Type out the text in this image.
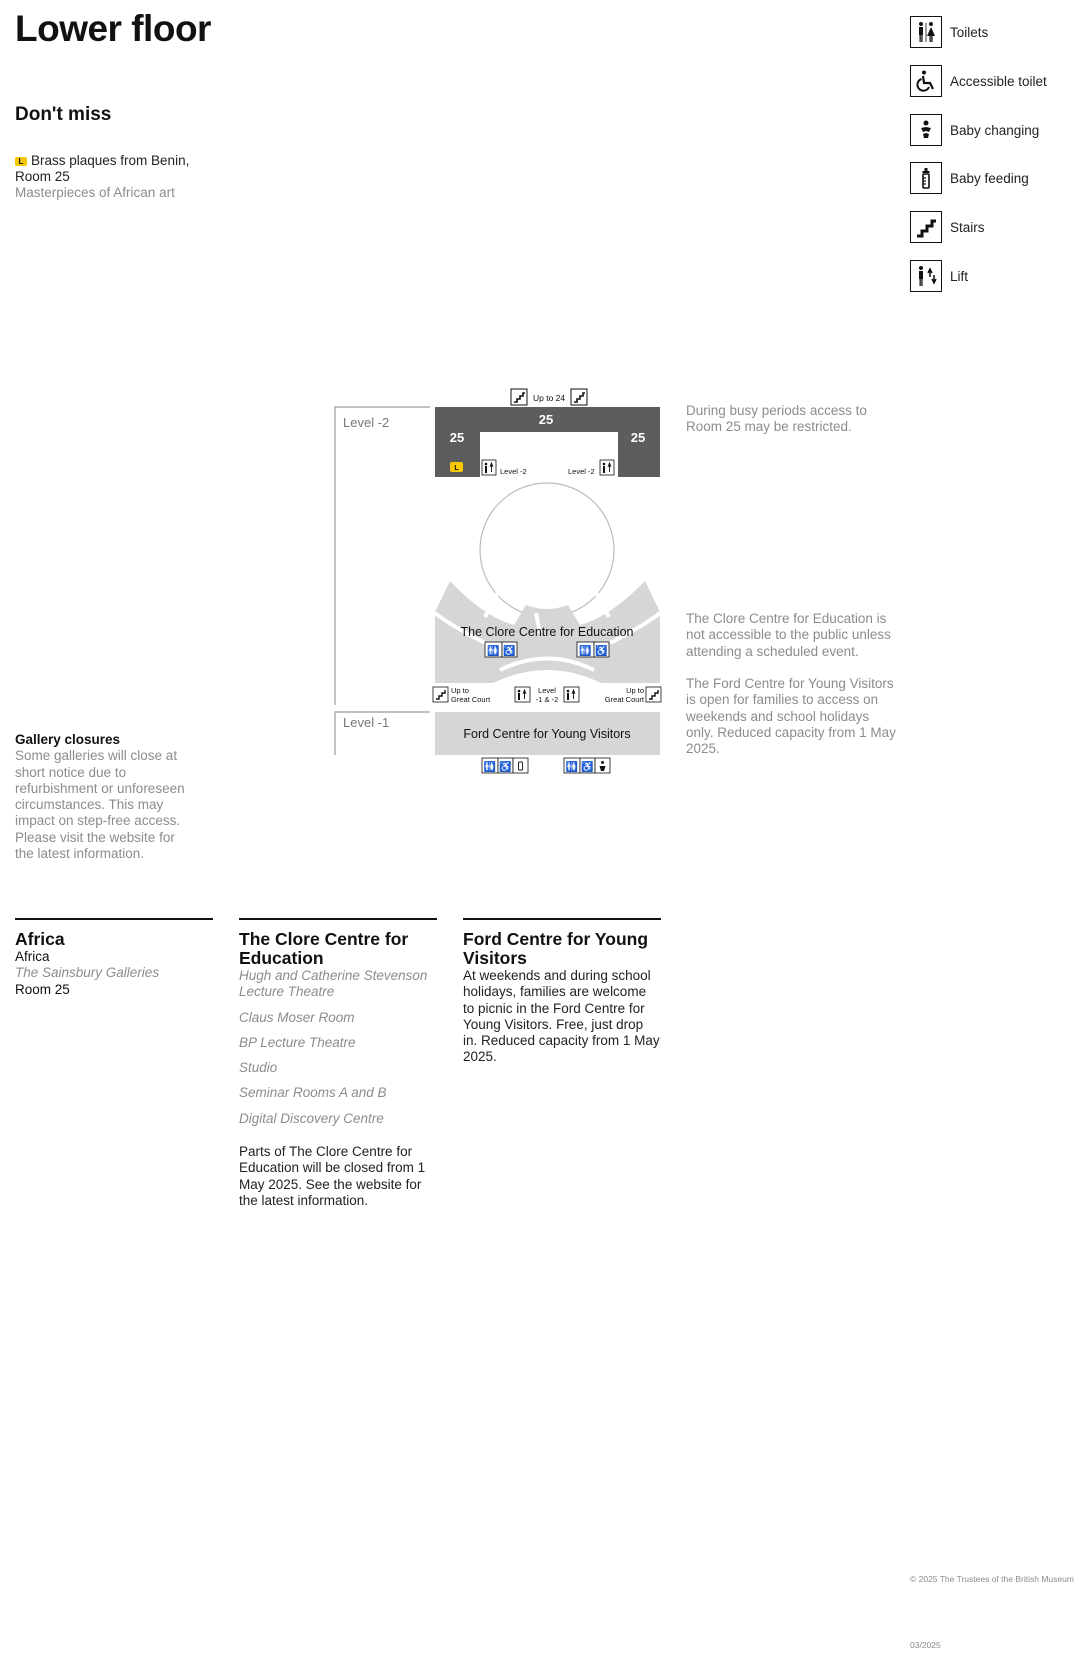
Lower floor
Don't miss
L Brass plaques from Benin,
Room 25
Masterpieces of African art
Toilets
Accessible toilet
Baby changing
Baby feeding
Stairs
Lift
Level -2
Level -1
Up to 24
25
25	25
L	Level -2	Level -2
The Clore Centre for Education
🚻 ♿	🚻 ♿
Up to
Great Court
Level
-1 & -2
Up to
Great Court
Ford Centre for Young Visitors
🚻 ♿	🚻 ♿
During busy periods access to Room 25 may be restricted.
The Clore Centre for Education is not accessible to the public unless attending a scheduled event.
The Ford Centre for Young Visitors is open for families to access on weekends and school holidays only. Reduced capacity from 1 May 2025.
Gallery closures
Some galleries will close at short notice due to refurbishment or unforeseen circumstances. This may impact on step-free access. Please visit the website for the latest information.
Africa
Africa
The Sainsbury Galleries
Room 25
The Clore Centre for Education
Hugh and Catherine Stevenson Lecture Theatre
Claus Moser Room
BP Lecture Theatre
Studio
Seminar Rooms A and B
Digital Discovery Centre
Parts of The Clore Centre for Education will be closed from 1 May 2025. See the website for the latest information.
Ford Centre for Young Visitors
At weekends and during school holidays, families are welcome to picnic in the Ford Centre for Young Visitors. Free, just drop in. Reduced capacity from 1 May 2025.
© 2025 The Trustees of the British Museum
03/2025
